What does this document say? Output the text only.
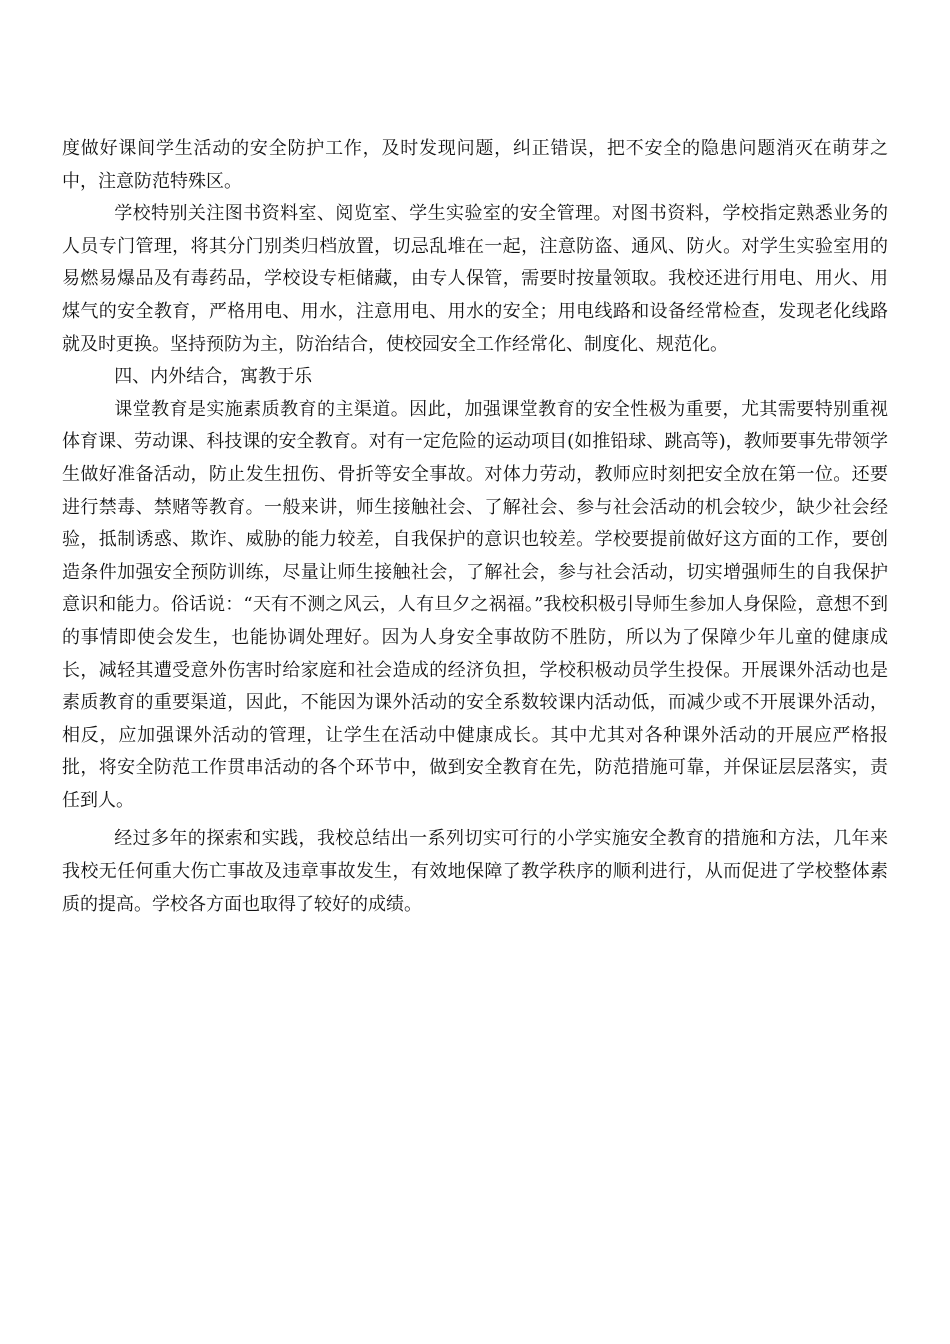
度做好课间学生活动的安全防护工作，及时发现问题，纠正错误，把不安全的隐患问题消灭在萌芽之中，注意防范特殊区。

学校特别关注图书资料室、阅览室、学生实验室的安全管理。对图书资料，学校指定熟悉业务的人员专门管理，将其分门别类归档放置，切忌乱堆在一起，注意防盗、通风、防火。对学生实验室用的易燃易爆品及有毒药品，学校设专柜储藏，由专人保管，需要时按量领取。我校还进行用电、用火、用煤气的安全教育，严格用电、用水，注意用电、用水的安全；用电线路和设备经常检查，发现老化线路就及时更换。坚持预防为主，防治结合，使校园安全工作经常化、制度化、规范化。

四、内外结合，寓教于乐

课堂教育是实施素质教育的主渠道。因此，加强课堂教育的安全性极为重要，尤其需要特别重视体育课、劳动课、科技课的安全教育。对有一定危险的运动项目(如推铅球、跳高等)，教师要事先带领学生做好准备活动，防止发生扭伤、骨折等安全事故。对体力劳动，教师应时刻把安全放在第一位。还要进行禁毒、禁赌等教育。一般来讲，师生接触社会、了解社会、参与社会活动的机会较少，缺少社会经验，抵制诱惑、欺诈、威胁的能力较差，自我保护的意识也较差。学校要提前做好这方面的工作，要创造条件加强安全预防训练，尽量让师生接触社会，了解社会，参与社会活动，切实增强师生的自我保护意识和能力。俗话说：“天有不测之风云，人有旦夕之祸福。”我校积极引导师生参加人身保险，意想不到的事情即使会发生，也能协调处理好。因为人身安全事故防不胜防，所以为了保障少年儿童的健康成长，减轻其遭受意外伤害时给家庭和社会造成的经济负担，学校积极动员学生投保。开展课外活动也是素质教育的重要渠道，因此，不能因为课外活动的安全系数较课内活动低，而减少或不开展课外活动，相反，应加强课外活动的管理，让学生在活动中健康成长。其中尤其对各种课外活动的开展应严格报批，将安全防范工作贯串活动的各个环节中，做到安全教育在先，防范措施可靠，并保证层层落实，责任到人。

经过多年的探索和实践，我校总结出一系列切实可行的小学实施安全教育的措施和方法，几年来我校无任何重大伤亡事故及违章事故发生，有效地保障了教学秩序的顺利进行，从而促进了学校整体素质的提高。学校各方面也取得了较好的成绩。
